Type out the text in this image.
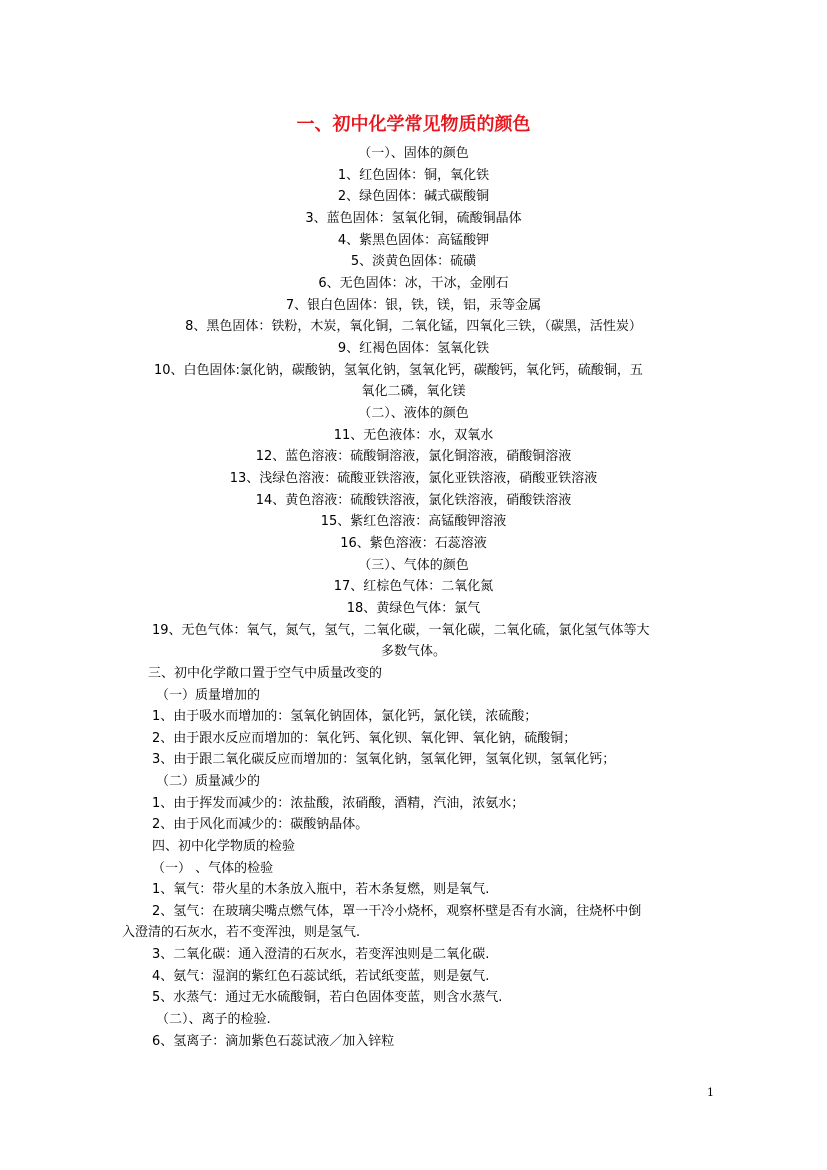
一、初中化学常见物质的颜色
（一）、固体的颜色
1、红色固体：铜，氧化铁
2、绿色固体：碱式碳酸铜
3、蓝色固体：氢氧化铜，硫酸铜晶体
4、紫黑色固体：高锰酸钾
5、淡黄色固体：硫磺
6、无色固体：冰，干冰，金刚石
7、银白色固体：银，铁，镁，铝，汞等金属
8、黑色固体：铁粉，木炭，氧化铜，二氧化锰，四氧化三铁，（碳黑，活性炭）
9、红褐色固体：氢氧化铁
10、白色固体:氯化钠，碳酸钠，氢氧化钠，氢氧化钙，碳酸钙，氧化钙，硫酸铜，五
氧化二磷，氧化镁
（二）、液体的颜色
11、无色液体：水，双氧水
12、蓝色溶液：硫酸铜溶液，氯化铜溶液，硝酸铜溶液
13、浅绿色溶液：硫酸亚铁溶液，氯化亚铁溶液，硝酸亚铁溶液
14、黄色溶液：硫酸铁溶液，氯化铁溶液，硝酸铁溶液
15、紫红色溶液：高锰酸钾溶液
16、紫色溶液：石蕊溶液
（三）、气体的颜色
17、红棕色气体：二氧化氮
18、黄绿色气体：氯气
19、无色气体：氧气，氮气，氢气，二氧化碳，一氧化碳，二氧化硫，氯化氢气体等大
多数气体。
三、初中化学敞口置于空气中质量改变的
（一）质量增加的
1、由于吸水而增加的：氢氧化钠固体，氯化钙，氯化镁，浓硫酸；
2、由于跟水反应而增加的：氧化钙、氧化钡、氧化钾、氧化钠，硫酸铜；
3、由于跟二氧化碳反应而增加的：氢氧化钠，氢氧化钾，氢氧化钡，氢氧化钙；
（二）质量减少的
1、由于挥发而减少的：浓盐酸，浓硝酸，酒精，汽油，浓氨水；
2、由于风化而减少的：碳酸钠晶体。
四、初中化学物质的检验
（一） 、气体的检验
1、氧气：带火星的木条放入瓶中，若木条复燃，则是氧气.
2、氢气：在玻璃尖嘴点燃气体，罩一干冷小烧杯，观察杯壁是否有水滴，往烧杯中倒
入澄清的石灰水，若不变浑浊，则是氢气.
3、二氧化碳：通入澄清的石灰水，若变浑浊则是二氧化碳.
4、氨气：湿润的紫红色石蕊试纸，若试纸变蓝，则是氨气.
5、水蒸气：通过无水硫酸铜，若白色固体变蓝，则含水蒸气.
（二）、离子的检验.
6、氢离子：滴加紫色石蕊试液／加入锌粒
1
